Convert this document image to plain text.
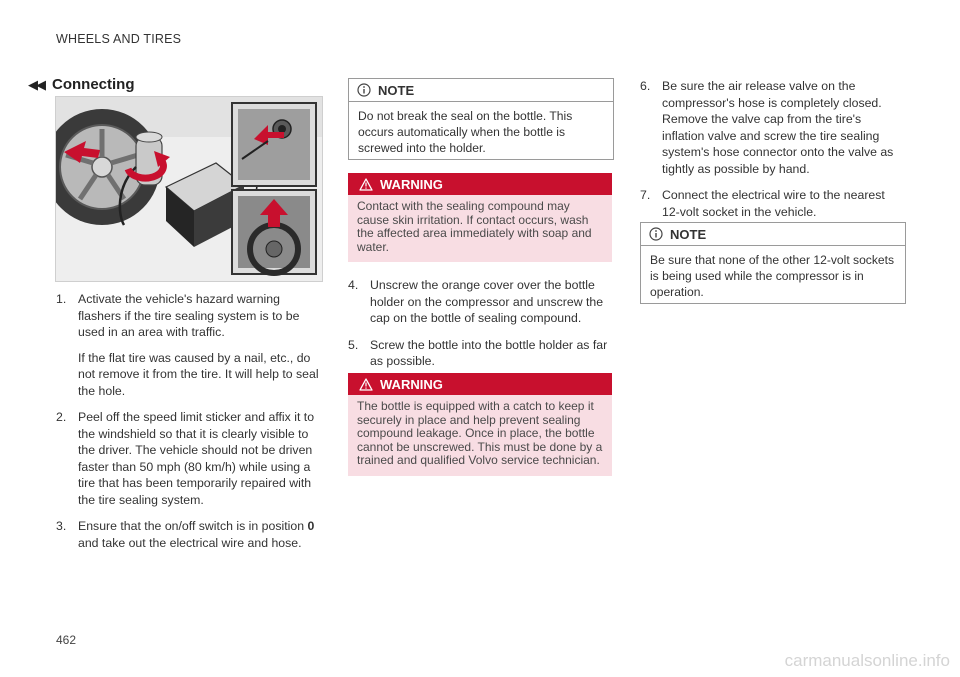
WHEELS AND TIRES
◀◀ Connecting
1. Activate the vehicle's hazard warning flashers if the tire sealing system is to be used in an area with traffic.

If the flat tire was caused by a nail, etc., do not remove it from the tire. It will help to seal the hole.

2. Peel off the speed limit sticker and affix it to the windshield so that it is clearly visible to the driver. The vehicle should not be driven faster than 50 mph (80 km/h) while using a tire that has been temporarily repaired with the tire sealing system.

3. Ensure that the on/off switch is in position 0 and take out the electrical wire and hose.

NOTE
Do not break the seal on the bottle. This occurs automatically when the bottle is screwed into the holder.
WARNING
Contact with the sealing compound may cause skin irritation. If contact occurs, wash the affected area immediately with soap and water.
4. Unscrew the orange cover over the bottle holder on the compressor and unscrew the cap on the bottle of sealing compound.

5. Screw the bottle into the bottle holder as far as possible.

WARNING
The bottle is equipped with a catch to keep it securely in place and help prevent sealing compound leakage. Once in place, the bottle cannot be unscrewed. This must be done by a trained and qualified Volvo service technician.
6. Be sure the air release valve on the compressor's hose is completely closed. Remove the valve cap from the tire's inflation valve and screw the tire sealing system's hose connector onto the valve as tightly as possible by hand.

7. Connect the electrical wire to the nearest 12-volt socket in the vehicle.

NOTE
Be sure that none of the other 12-volt sockets is being used while the compressor is in operation.
462
carmanualsonline.info
